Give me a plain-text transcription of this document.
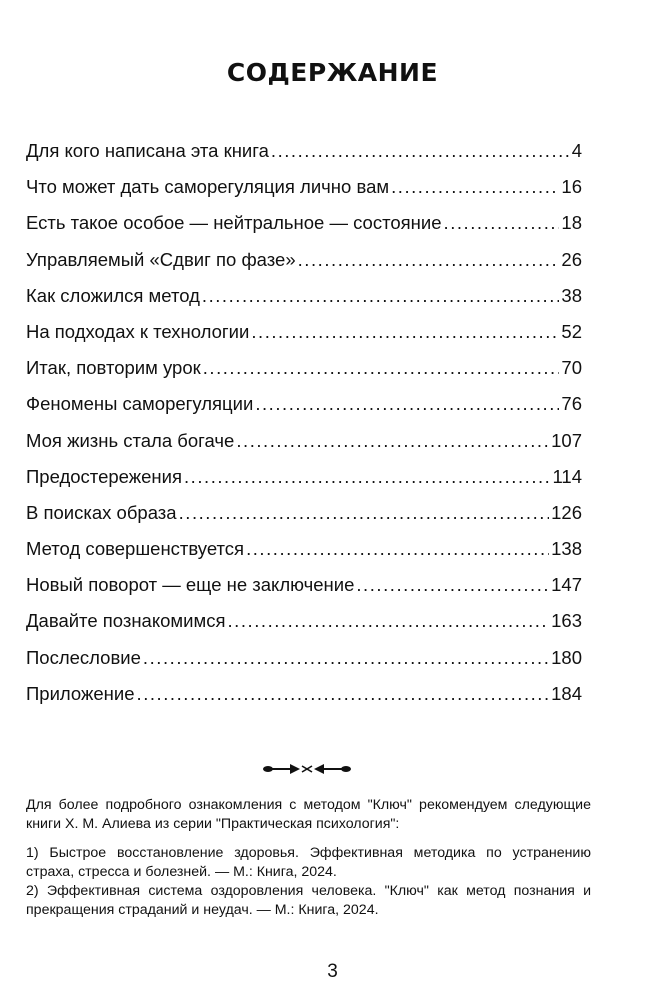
СОДЕРЖАНИЕ
Для кого написана эта книга . . .	4
Что может дать саморегуляция лично вам . . .	16
Есть такое особое — нейтральное — состояние . . .	18
Управляемый «Сдвиг по фазе» . . .	26
Как сложился метод . . .	38
На подходах к технологии . . .	52
Итак, повторим урок . . .	70
Феномены саморегуляции . . .	76
Моя жизнь стала богаче . . .	107
Предостережения . . .	114
В поисках образа . . .	126
Метод совершенствуется . . .	138
Новый поворот — еще не заключение . . .	147
Давайте познакомимся . . .	163
Послесловие . . .	180
Приложение . . .	184

Для более подробного ознакомления с методом "Ключ" рекомендуем следующие книги Х. М. Алиева из серии "Практическая психология":

1) Быстрое восстановление здоровья. Эффективная методика по устранению страха, стресса и болезней. — М.: Книга, 2024.

2) Эффективная система оздоровления человека. "Ключ" как метод познания и прекращения страданий и неудач. — М.: Книга, 2024.

3
